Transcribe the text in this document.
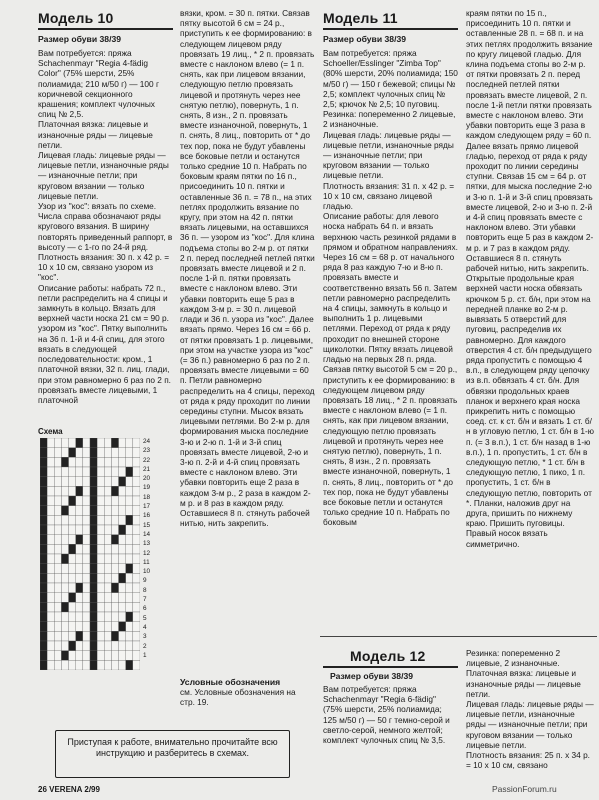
Модель 10
Размер обуви 38/39
Вам потребуется: пряжа Schachenmayr "Regia 4-fädig Color" (75% шерсти, 25% полиамида; 210 м/50 г) — 100 г коричневой секционного крашения; комплект чулочных спиц № 2,5.
Платочная вязка: лицевые и изнаночные ряды — лицевые петли.
Лицевая гладь: лицевые ряды — лицевые петли, изнаночные ряды — изнаночные петли; при круговом вязании — только лицевые петли.
Узор из "кос": вязать по схеме. Числа справа обозначают ряды кругового вязания. В ширину повторять приведенный раппорт, в высоту — с 1-го по 24-й ряд.
Плотность вязания: 30 п. х 42 р. = 10 х 10 см, связано узором из "кос".
Описание работы: набрать 72 п., петли распределить на 4 спицы и замкнуть в кольцо. Вязать для верхней части носка 21 см = 90 р. узором из "кос". Пятку выполнить на 36 п. 1-й и 4-й спиц, для этого вязать в следующей последовательности: кром., 1 платочной вязки, 32 п. лиц. глади, при этом равномерно 6 раз по 2 п. провязать вместе лицевыми, 1 платочной
Схема
24
23
22
21
20
19
18
17
16
15
14
13
12
11
10
9
8
7
6
5
4
3
2
1
вязки, кром. = 30 п. пятки. Связав пятку высотой 6 см = 24 р., приступить к ее формированию: в следующем лицевом ряду провязать 19 лиц., * 2 п. провязать вместе с наклоном влево (= 1 п. снять, как при лицевом вязании, следующую петлю провязать лицевой и протянуть через нее снятую петлю), повернуть, 1 п. снять, 8 изн., 2 п. провязать вместе изнаночной, повернуть, 1 п. снять, 8 лиц., повторить от * до тех пор, пока не будут убавлены все боковые петли и останутся только средние 10 п. Набрать по боковым краям пятки по 16 п., присоединить 10 п. пятки и оставленные 36 п. = 78 п., на этих петлях продолжить вязание по кругу, при этом на 42 п. пятки вязать лицевыми, на оставшихся 36 п. — узором из "кос". Для клина подъема стопы во 2-м р. от пятки 2 п. перед последней петлей пятки провязать вместе лицевой и 2 п. после 1-й п. пятки провязать вместе с наклоном влево. Эти убавки повторить еще 5 раз в каждом 3-м р. = 30 п. лицевой глади и 36 п. узора из "кос". Далее вязать прямо. Через 16 см = 66 р. от пятки провязать 1 р. лицевыми, при этом на участке узора из "кос" (= 36 п.) равномерно 6 раз по 2 п. провязать вместе лицевыми = 60 п. Петли равномерно распределить на 4 спицы, переход от ряда к ряду проходит по линии середины ступни. Мысок вязать лицевыми петлями. Во 2-м р. для формирования мыска последние 3-ю и 2-ю п. 1-й и 3-й спиц провязать вместе лицевой, 2-ю и 3-ю п. 2-й и 4-й спиц провязать вместе с наклоном влево. Эти убавки повторить еще 2 раза в каждом 3-м р., 2 раза в каждом 2-м р. и 8 раз в каждом ряду. Оставшиеся 8 п. стянуть рабочей нитью, нить закрепить.
Условные обозначения
см. Условные обозначения на стр. 19.
Модель 11
Размер обуви 38/39
Вам потребуется: пряжа Schoeller/Esslinger "Zimba Top" (80% шерсти, 20% полиамида; 150 м/50 г) — 150 г бежевой; спицы № 2,5; комплект чулочных спиц № 2,5; крючок № 2,5; 10 пуговиц.
Резинка: попеременно 2 лицевые, 2 изнаночные.
Лицевая гладь: лицевые ряды — лицевые петли, изнаночные ряды — изнаночные петли; при круговом вязании — только лицевые петли.
Плотность вязания: 31 п. х 42 р. = 10 х 10 см, связано лицевой гладью.
Описание работы: для левого носка набрать 64 п. и вязать верхнюю часть резинкой рядами в прямом и обратном направлениях. Через 16 см = 68 р. от начального ряда 8 раз каждую 7-ю и 8-ю п. провязать вместе и соответственно вязать 56 п. Затем петли равномерно распределить на 4 спицы, замкнуть в кольцо и выполнить 1 р. лицевыми петлями. Переход от ряда к ряду проходит по внешней стороне щиколотки. Пятку вязать лицевой гладью на первых 28 п. ряда. Связав пятку высотой 5 см = 20 р., приступить к ее формированию: в следующем лицевом ряду провязать 18 лиц., * 2 п. провязать вместе с наклоном влево (= 1 п. снять, как при лицевом вязании, следующую петлю провязать лицевой и протянуть через нее снятую петлю), повернуть, 1 п. снять, 8 изн., 2 п. провязать вместе изнаночной, повернуть, 1 п. снять, 8 лиц., повторить от * до тех пор, пока не будут убавлены все боковые петли и останутся только средние 10 п. Набрать по боковым
краям пятки по 15 п., присоединить 10 п. пятки и оставленные 28 п. = 68 п. и на этих петлях продолжить вязание по кругу лицевой гладью. Для клина подъема стопы во 2-м р. от пятки провязать 2 п. перед последней петлей пятки провязать вместе лицевой, 2 п. после 1-й петли пятки провязать вместе с наклоном влево. Эти убавки повторить еще 3 раза в каждом следующем ряду = 60 п. Далее вязать прямо лицевой гладью, переход от ряда к ряду проходит по линии середины ступни. Связав 15 см = 64 р. от пятки, для мыска последние 2-ю и 3-ю п. 1-й и 3-й спиц провязать вместе лицевой, 2-ю и 3-ю п. 2-й и 4-й спиц провязать вместе с наклоном влево. Эти убавки повторить еще 5 раз в каждом 2-м р. и 7 раз в каждом ряду. Оставшиеся 8 п. стянуть рабочей нитью, нить закрепить. Открытые продольные края верхней части носка обвязать крючком 5 р. ст. б/н, при этом на передней планке во 2-м р. вывязать 5 отверстий для пуговиц, распределив их равномерно. Для каждого отверстия 4 ст. б/н предыдущего ряда пропустить с помощью 4 в.п., в следующем ряду цепочку из в.п. обвязать 4 ст. б/н. Для обвязки продольных краев планок и верхнего края носка прикрепить нить с помощью соед. ст. к ст. б/н и вязать 1 ст. б/н в угловую петлю, 1 ст. б/н в 1-ю п. (= 3 в.п.), 1 ст. б/н назад в 1-ю в.п.), 1 п. пропустить, 1 ст. б/н в следующую петлю, * 1 ст. б/н в следующую петлю, 1 пико, 1 п. пропустить, 1 ст. б/н в следующую петлю, повторить от *. Планки, наложив друг на друга, пришить по нижнему краю. Пришить пуговицы. Правый носок вязать симметрично.
Модель 12
Размер обуви 38/39
Вам потребуется: пряжа Schachenmayr "Regia 6-fädig" (75% шерсти, 25% полиамида; 125 м/50 г) — 50 г темно-серой и светло-серой, немного желтой; комплект чулочных спиц № 3,5.
Резинка: попеременно 2 лицевые, 2 изнаночные.
Платочная вязка: лицевые и изнаночные ряды — лицевые петли.
Лицевая гладь: лицевые ряды — лицевые петли, изнаночные ряды — изнаночные петли; при круговом вязании — только лицевые петли.
Плотность вязания: 25 п. х 34 р. = 10 х 10 см, связано
Приступая к работе, внимательно прочитайте всю инструкцию и разберитесь в схемах.
26 VERENA 2/99	PassionForum.ru
